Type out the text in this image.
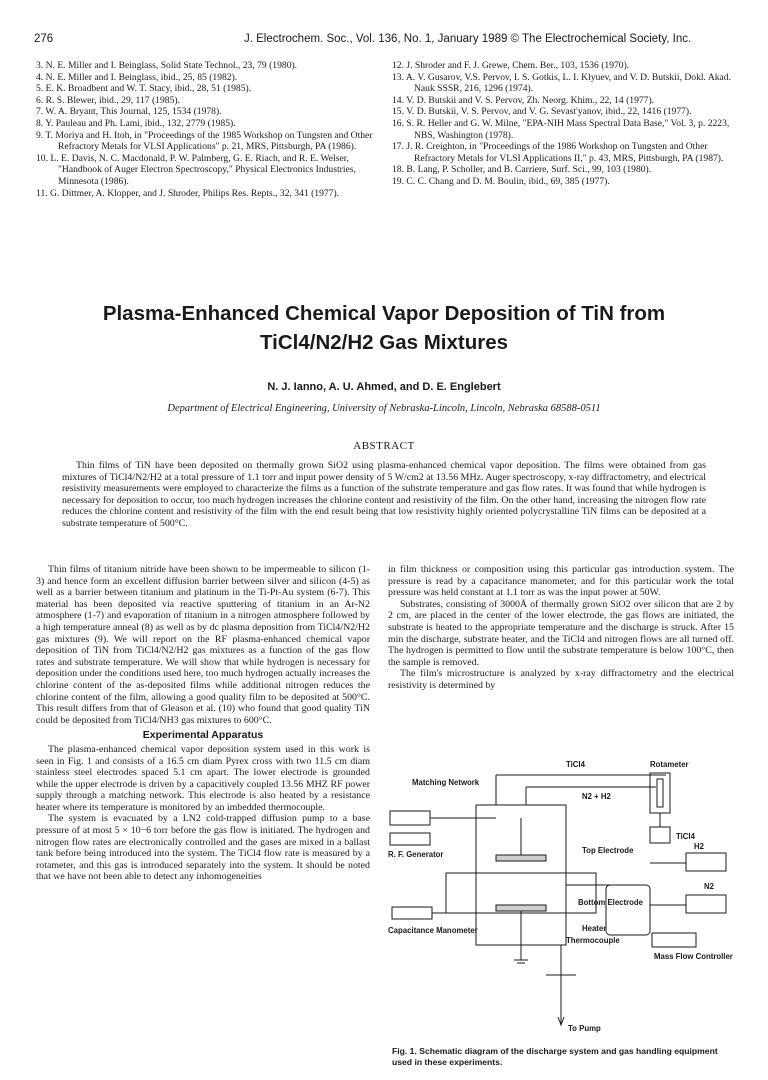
276	J. Electrochem. Soc., Vol. 136, No. 1, January 1989 © The Electrochemical Society, Inc.
3. N. E. Miller and I. Beinglass, Solid State Technol., 23, 79 (1980).
4. N. E. Miller and I. Beinglass, ibid., 25, 85 (1982).
5. E. K. Broadbent and W. T. Stacy, ibid., 28, 51 (1985).
6. R. S. Blewer, ibid., 29, 117 (1985).
7. W. A. Bryant, This Journal, 125, 1534 (1978).
8. Y. Pauleau and Ph. Lami, ibid., 132, 2779 (1985).
9. T. Moriya and H. Itoh, in "Proceedings of the 1985 Workshop on Tungsten and Other Refractory Metals for VLSI Applications" p. 21, MRS, Pittsburgh, PA (1986).
10. L. E. Davis, N. C. Macdonald, P. W. Palmberg, G. E. Riach, and R. E. Welser, "Handbook of Auger Electron Spectroscopy," Physical Electronics Industries, Minnesota (1986).
11. G. Dittmer, A. Klopper, and J. Shroder, Philips Res. Repts., 32, 341 (1977).
12. J. Shroder and F. J. Grewe, Chem. Ber., 103, 1536 (1970).
13. A. V. Gusarov, V.S. Pervov, I. S. Gotkis, L. I. Klyuev, and V. D. Butskii, Dokl. Akad. Nauk SSSR, 216, 1296 (1974).
14. V. D. Butskii and V. S. Pervov, Zh. Neorg. Khim., 22, 14 (1977).
15. V. D. Butskii, V. S. Pervov, and V. G. Sevast'yanov, ibid., 22, 1416 (1977).
16. S. R. Heller and G. W. Milne, "EPA-NIH Mass Spectral Data Base," Vol. 3, p. 2223, NBS, Washington (1978).
17. J. R. Creighton, in "Proceedings of the 1986 Workshop on Tungsten and Other Refractory Metals for VLSI Applications II," p. 43, MRS, Pittsburgh, PA (1987).
18. B. Lang, P. Scholler, and B. Carriere, Surf. Sci., 99, 103 (1980).
19. C. C. Chang and D. M. Boulin, ibid., 69, 385 (1977).
Plasma-Enhanced Chemical Vapor Deposition of TiN from
TiCl4/N2/H2 Gas Mixtures
N. J. Ianno, A. U. Ahmed, and D. E. Englebert
Department of Electrical Engineering, University of Nebraska-Lincoln, Lincoln, Nebraska 68588-0511
ABSTRACT
Thin films of TiN have been deposited on thermally grown SiO2 using plasma-enhanced chemical vapor deposition. The films were obtained from gas mixtures of TiCl4/N2/H2 at a total pressure of 1.1 torr and input power density of 5 W/cm2 at 13.56 MHz. Auger spectroscopy, x-ray diffractometry, and electrical resistivity measurements were employed to characterize the films as a function of the substrate temperature and gas flow rates. It was found that while hydrogen is necessary for deposition to occur, too much hydrogen increases the chlorine content and resistivity of the film. On the other hand, increasing the nitrogen flow rate reduces the chlorine content and resistivity of the film with the end result being that low resistivity highly oriented polycrystalline TiN films can be deposited at a substrate temperature of 500°C.

Thin films of titanium nitride have been shown to be impermeable to silicon (1-3) and hence form an excellent diffusion barrier between silver and silicon (4-5) as well as a barrier between titanium and platinum in the Ti-Pt-Au system (6-7). This material has been deposited via reactive sputtering of titanium in an Ar-N2 atmosphere (1-7) and evaporation of titanium in a nitrogen atmosphere followed by a high temperature anneal (8) as well as by dc plasma deposition from TiCl4/N2/H2 gas mixtures (9). We will report on the RF plasma-enhanced chemical vapor deposition of TiN from TiCl4/N2/H2 gas mixtures as a function of the gas flow rates and substrate temperature. We will show that while hydrogen is necessary for deposition under the conditions used here, too much hydrogen actually increases the chlorine content of the as-deposited films while additional nitrogen reduces the chlorine content of the film, allowing a good quality film to be deposited at 500°C. This result differs from that of Gleason et al. (10) who found that good quality TiN could be deposited from TiCl4/NH3 gas mixtures to 600°C.

Experimental Apparatus

The plasma-enhanced chemical vapor deposition system used in this work is seen in Fig. 1 and consists of a 16.5 cm diam Pyrex cross with two 11.5 cm diam stainless steel electrodes spaced 5.1 cm apart. The lower electrode is grounded while the upper electrode is driven by a capacitively coupled 13.56 MHZ RF power supply through a matching network. This electrode is also heated by a resistance heater where its temperature is monitored by an imbedded thermocouple.

The system is evacuated by a LN2 cold-trapped diffusion pump to a base pressure of at most 5 × 10−6 torr before the gas flow is initiated. The hydrogen and nitrogen flow rates are electronically controlled and the gases are mixed in a ballast tank before being introduced into the system. The TiCl4 flow rate is measured by a rotameter, and this gas is introduced separately into the system. It should be noted that we have not been able to detect any inhomogeneities

in film thickness or composition using this particular gas introduction system. The pressure is read by a capacitance manometer, and for this particular work the total pressure was held constant at 1.1 torr as was the input power at 50W.

Substrates, consisting of 3000Å of thermally grown SiO2 over silicon that are 2 by 2 cm, are placed in the center of the lower electrode, the gas flows are initiated, the substrate is heated to the appropriate temperature and the discharge is struck. After 15 min the discharge, substrate heater, and the TiCl4 and nitrogen flows are all turned off. The hydrogen is permitted to flow until the substrate temperature is below 100°C, then the sample is removed.

The film's microstructure is analyzed by x-ray diffractometry and the electrical resistivity is determined by

TiCl4	Rotameter
N2 + H2
Matching Network
TiCl4
Top Electrode
R. F. Generator
H2
Bottom Electrode
N2
Capacitance Manometer	Heater
Thermocouple
Mass Flow Controller
To Pump
Fig. 1. Schematic diagram of the discharge system and gas handling equipment used in these experiments.
